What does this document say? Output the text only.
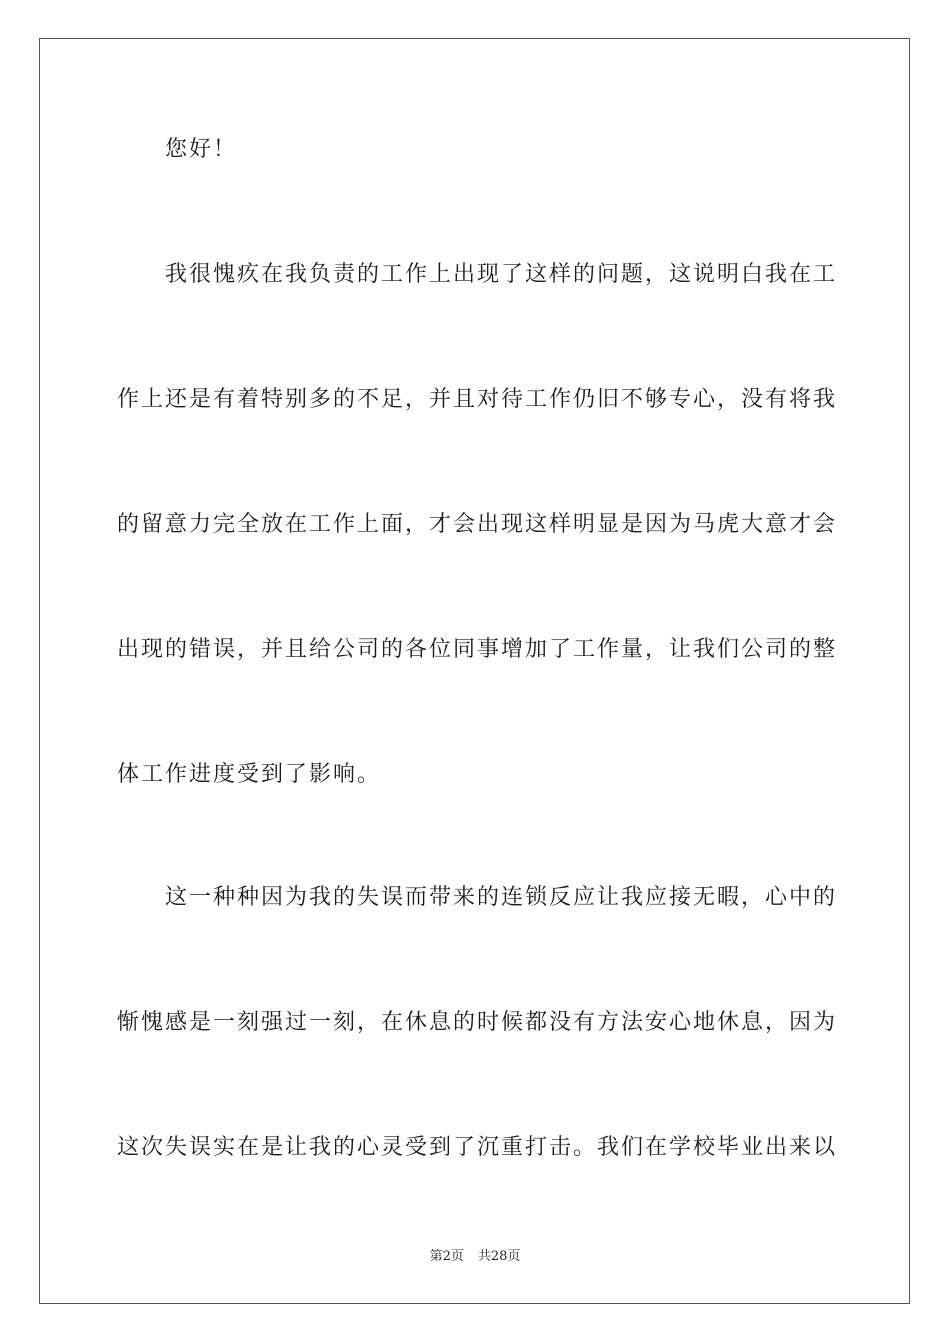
您好！
我很愧疚在我负责的工作上出现了这样的问题，这说明白我在工
作上还是有着特别多的不足，并且对待工作仍旧不够专心，没有将我
的留意力完全放在工作上面，才会出现这样明显是因为马虎大意才会
出现的错误，并且给公司的各位同事增加了工作量，让我们公司的整
体工作进度受到了影响。
这一种种因为我的失误而带来的连锁反应让我应接无暇，心中的
惭愧感是一刻强过一刻，在休息的时候都没有方法安心地休息，因为
这次失误实在是让我的心灵受到了沉重打击。我们在学校毕业出来以
第2页 共28页
